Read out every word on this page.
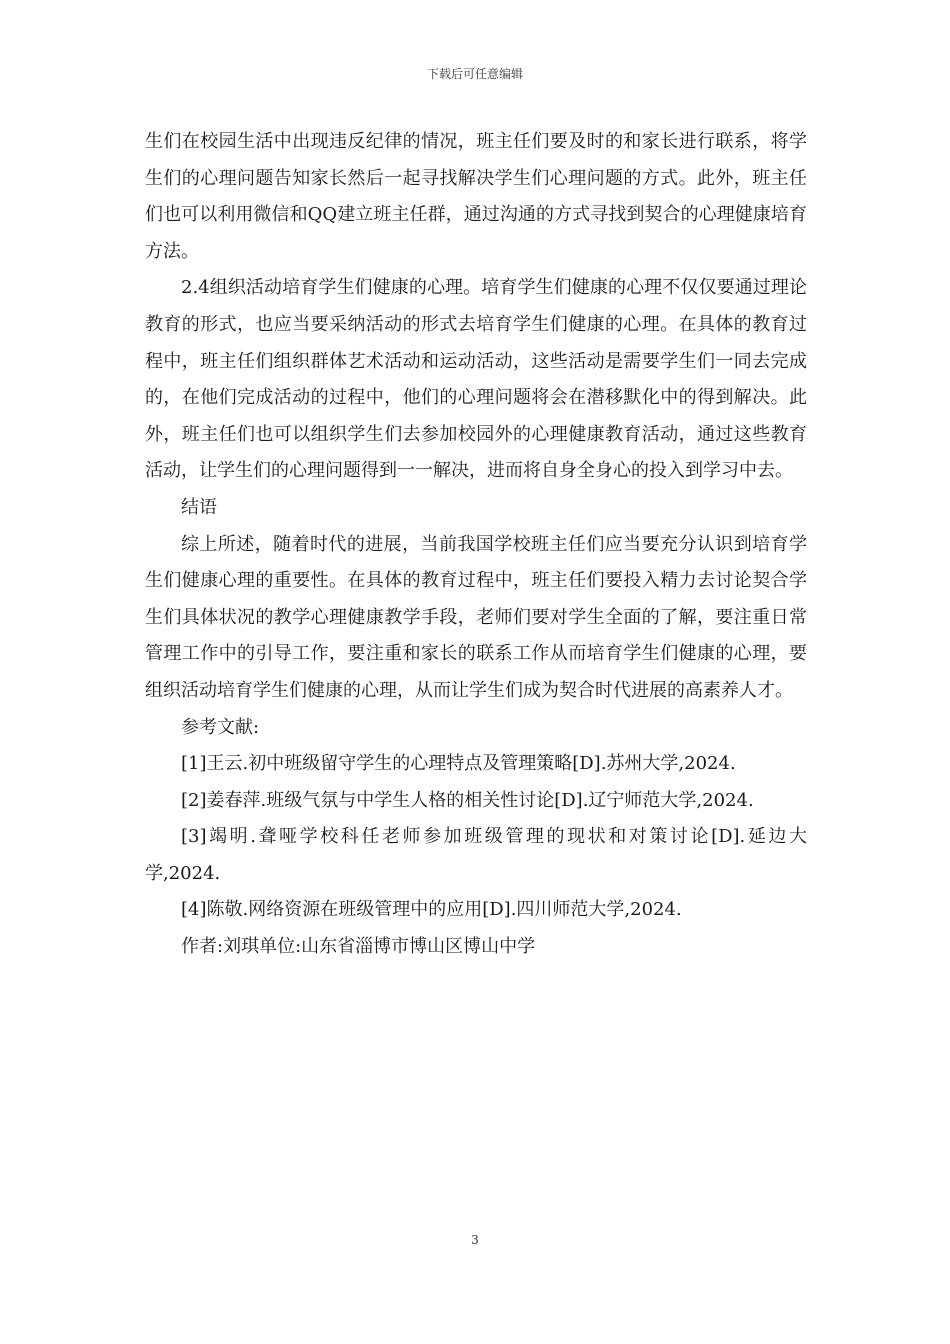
下载后可任意编辑

生们在校园生活中出现违反纪律的情况，班主任们要及时的和家长进行联系，将学生们的心理问题告知家长然后一起寻找解决学生们心理问题的方式。此外，班主任们也可以利用微信和QQ建立班主任群，通过沟通的方式寻找到契合的心理健康培育方法。

2.4组织活动培育学生们健康的心理。培育学生们健康的心理不仅仅要通过理论教育的形式，也应当要采纳活动的形式去培育学生们健康的心理。在具体的教育过程中，班主任们组织群体艺术活动和运动活动，这些活动是需要学生们一同去完成的，在他们完成活动的过程中，他们的心理问题将会在潜移默化中的得到解决。此外，班主任们也可以组织学生们去参加校园外的心理健康教育活动，通过这些教育活动，让学生们的心理问题得到一一解决，进而将自身全身心的投入到学习中去。

结语

综上所述，随着时代的进展，当前我国学校班主任们应当要充分认识到培育学生们健康心理的重要性。在具体的教育过程中，班主任们要投入精力去讨论契合学生们具体状况的教学心理健康教学手段，老师们要对学生全面的了解，要注重日常管理工作中的引导工作，要注重和家长的联系工作从而培育学生们健康的心理，要组织活动培育学生们健康的心理，从而让学生们成为契合时代进展的高素养人才。

参考文献:

[1]王云.初中班级留守学生的心理特点及管理策略[D].苏州大学,2024.

[2]姜春萍.班级气氛与中学生人格的相关性讨论[D].辽宁师范大学,2024.

[3]竭明.聋哑学校科任老师参加班级管理的现状和对策讨论[D].延边大学,2024.

[4]陈敬.网络资源在班级管理中的应用[D].四川师范大学,2024.

作者:刘琪单位:山东省淄博市博山区博山中学

3
